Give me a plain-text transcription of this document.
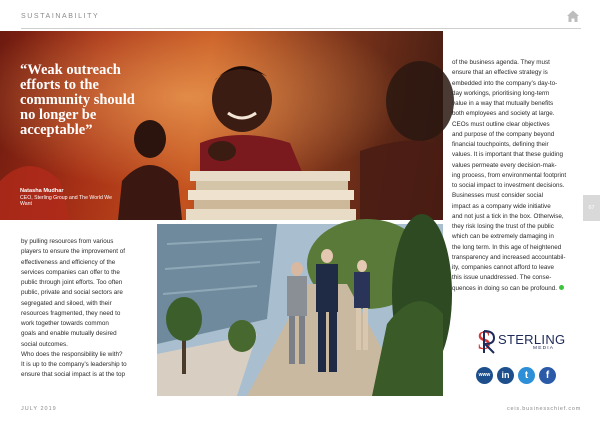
SUSTAINABILITY
“Weak outreach efforts to the community should no longer be acceptable”
Natasha Mudhar
CEO, Sterling Group and The World We Want
66
67
of the business agenda. They must
ensure that an effective strategy is
embedded into the company’s day-to-
day workings, prioritising long-term
value in a way that mutually benefits
both employees and society at large.
CEOs must outline clear objectives
and purpose of the company beyond
financial touchpoints, defining their
values. It is important that these guiding
values permeate every decision-mak-
ing process, from environmental footprint
to social impact to investment decisions.
Businesses must consider social
impact as a company wide initiative
and not just a tick in the box. Otherwise,
they risk losing the trust of the public
which can be extremely damaging in
the long term. In this age of heightened
transparency and increased accountabil-
ity, companies cannot afford to leave
this issue unaddressed. The conse-
quences in doing so can be profound.
by pulling resources from various
players to ensure the improvement of
effectiveness and efficiency of the
services companies can offer to the
public through joint efforts. Too often
public, private and social sectors are
segregated and siloed, with their
resources fragmented, they need to
work together towards common
goals and enable mutually desired
social outcomes.
Who does the responsibility lie with?
It is up to the company’s leadership to
ensure that social impact is at the top
S STERLING
MEDIA
www	in	t	f
JULY 2019	ceis.businesschief.com
